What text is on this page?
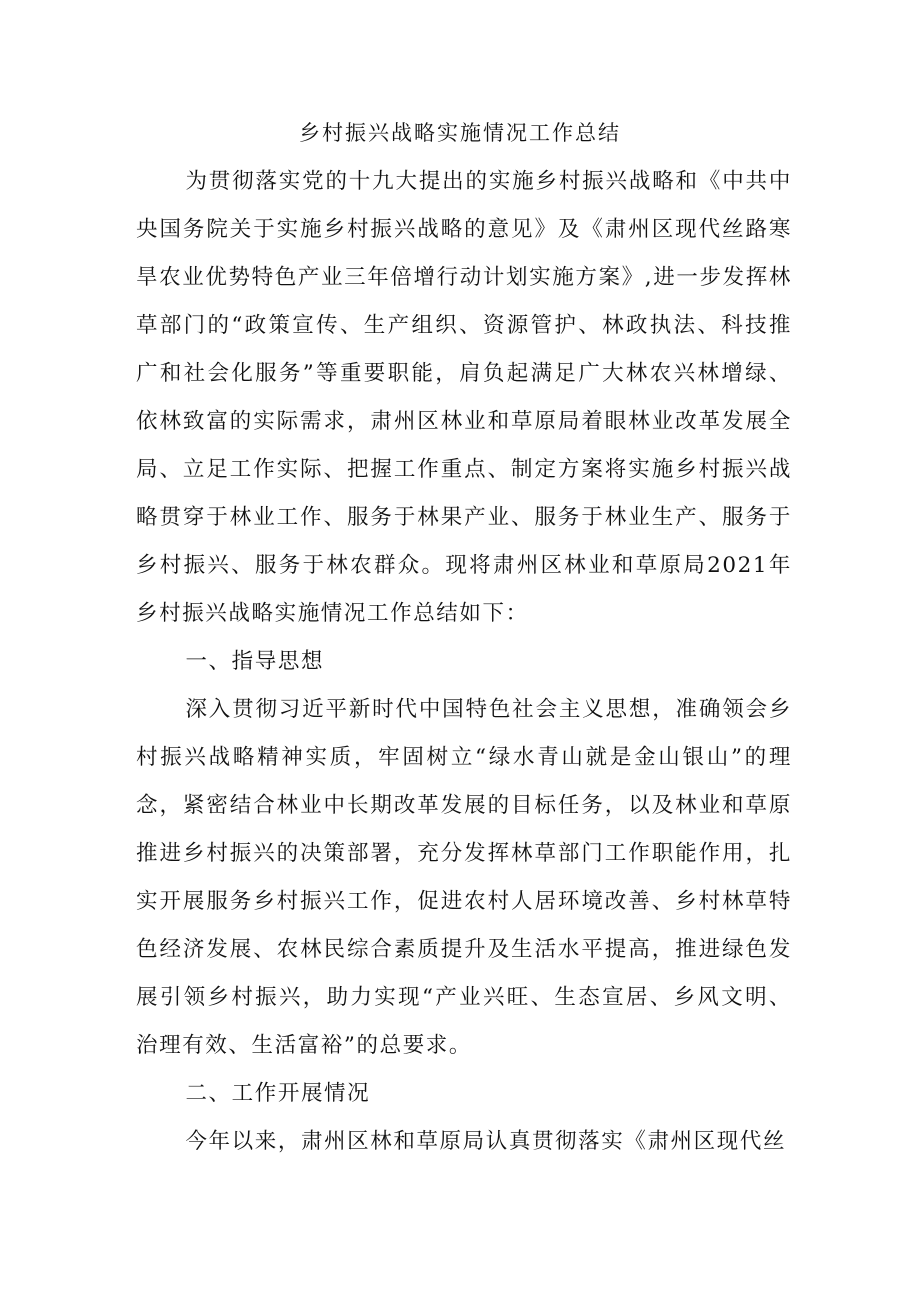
乡村振兴战略实施情况工作总结

为贯彻落实党的十九大提出的实施乡村振兴战略和《中共中央国务院关于实施乡村振兴战略的意见》及《肃州区现代丝路寒旱农业优势特色产业三年倍增行动计划实施方案》,进一步发挥林草部门的“政策宣传、生产组织、资源管护、林政执法、科技推广和社会化服务”等重要职能，肩负起满足广大林农兴林增绿、依林致富的实际需求，肃州区林业和草原局着眼林业改革发展全局、立足工作实际、把握工作重点、制定方案将实施乡村振兴战略贯穿于林业工作、服务于林果产业、服务于林业生产、服务于乡村振兴、服务于林农群众。现将肃州区林业和草原局2021年乡村振兴战略实施情况工作总结如下：

一、指导思想

深入贯彻习近平新时代中国特色社会主义思想，准确领会乡村振兴战略精神实质，牢固树立“绿水青山就是金山银山”的理念，紧密结合林业中长期改革发展的目标任务，以及林业和草原推进乡村振兴的决策部署，充分发挥林草部门工作职能作用，扎实开展服务乡村振兴工作，促进农村人居环境改善、乡村林草特色经济发展、农林民综合素质提升及生活水平提高，推进绿色发展引领乡村振兴，助力实现“产业兴旺、生态宣居、乡风文明、治理有效、生活富裕”的总要求。

二、工作开展情况

今年以来，肃州区林和草原局认真贯彻落实《肃州区现代丝
